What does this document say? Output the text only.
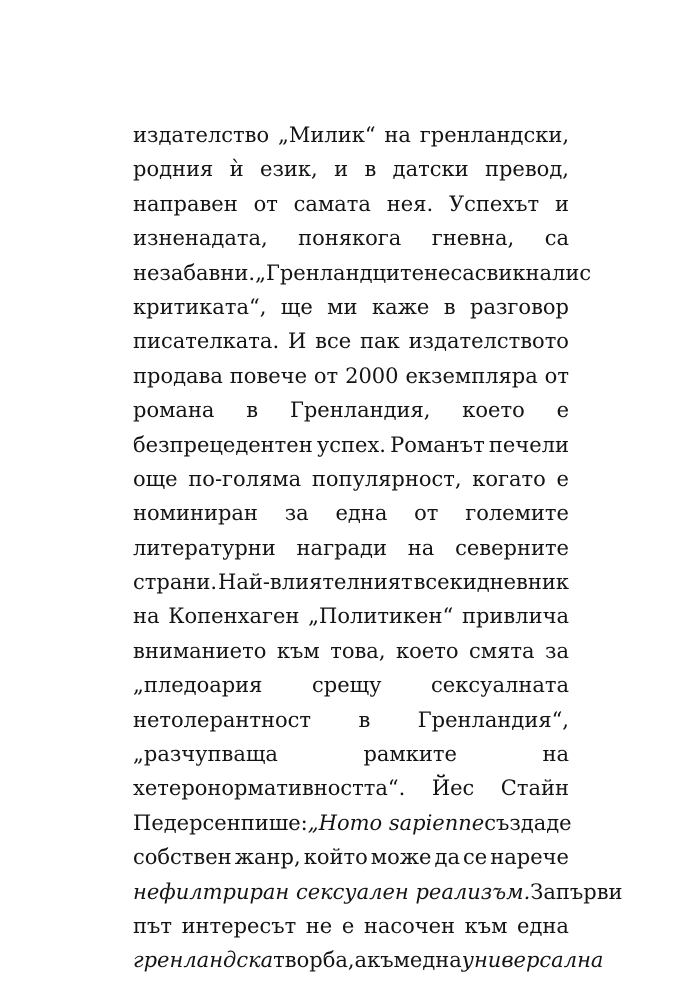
издателство „Милик“ на гренландски,
родния ѝ език, и в датски превод,
направен от самата нея. Успехът и
изненадата, понякога гневна, са
незабавни. „Гренландците не са свикнали с
критиката“, ще ми каже в разговор
писателката. И все пак издателството
продава повече от 2000 екземпляра от
романа в Гренландия, което е
безпрецедентен успех. Романът печели
още по-голяма популярност, когато е
номиниран за една от големите
литературни награди на северните
страни. Най-влиятелният всекидневник
на Копенхаген „Политикен“ привлича
вниманието към това, което смята за
„пледоария срещу сексуалната
нетолерантност в Гренландия“,
„разчупваща	рамките	на
хетеронормативността“. Йес Стайн
Педерсен пише: „Homo sapienne създаде
собствен жанр, който може да се нарече
нефилтриран сексуален реализъм. За първи
път интересът не е насочен към една
гренландска творба, а към една универсална
